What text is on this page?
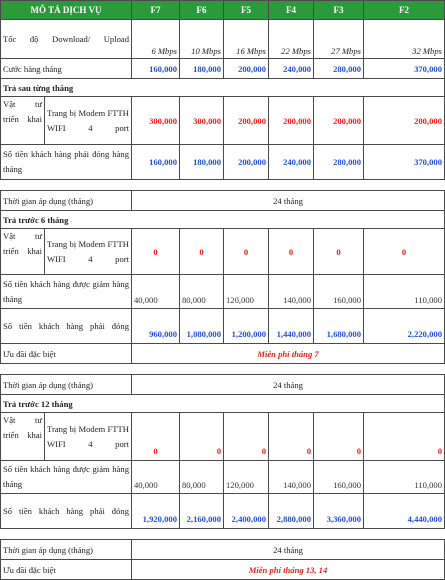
MÔ TẢ DỊCH VỤ		F7	F6	F5	F4	F3	F2
Tốc độ Download/ Upload		6 Mbps	10 Mbps	16 Mbps	22 Mbps	27 Mbps	32 Mbps
Cước hàng tháng		160,000	180,000	200,000	240,000	280,000	370,000
Trả sau từng tháng							
Vật tư triển khai	Trang bị Modem FTTH WIFI 4 port	300,000	300,000	200,000	200,000	200,000	200,000
Số tiền khách hàng phải đóng hàng tháng		160,000	180,000	200,000	240,000	280,000	370,000

Thời gian áp dụng (tháng)		24 tháng					
Trả trước 6 tháng							
Vật tư triển khai	Trang bị Modem FTTH WIFI 4 port	0	0	0	0	0	0
Số tiền khách hàng được giảm hàng tháng		40,000	80,000	120,000	140,000	160,000	110,000
Số tiền khách hàng phải đóng		960,000	1,080,000	1,200,000	1,440,000	1,680,000	2,220,000
Ưu đãi đặc biệt		Miễn phí tháng 7					

Thời gian áp dụng (tháng)		24 tháng					
Trả trước 12 tháng							
Vật tư triển khai	Trang bị Modem FTTH WIFI 4 port	0	0	0	0	0	0
Số tiền khách hàng được giảm hàng tháng		40,000	80,000	120,000	140,000	160,000	110,000
Số tiền khách hàng phải đóng		1,920,000	2,160,000	2,400,000	2,880,000	3,360,000	4,440,000

Thời gian áp dụng (tháng)		24 tháng					
Ưu đãi đặc biệt		Miễn phí tháng 13, 14					
